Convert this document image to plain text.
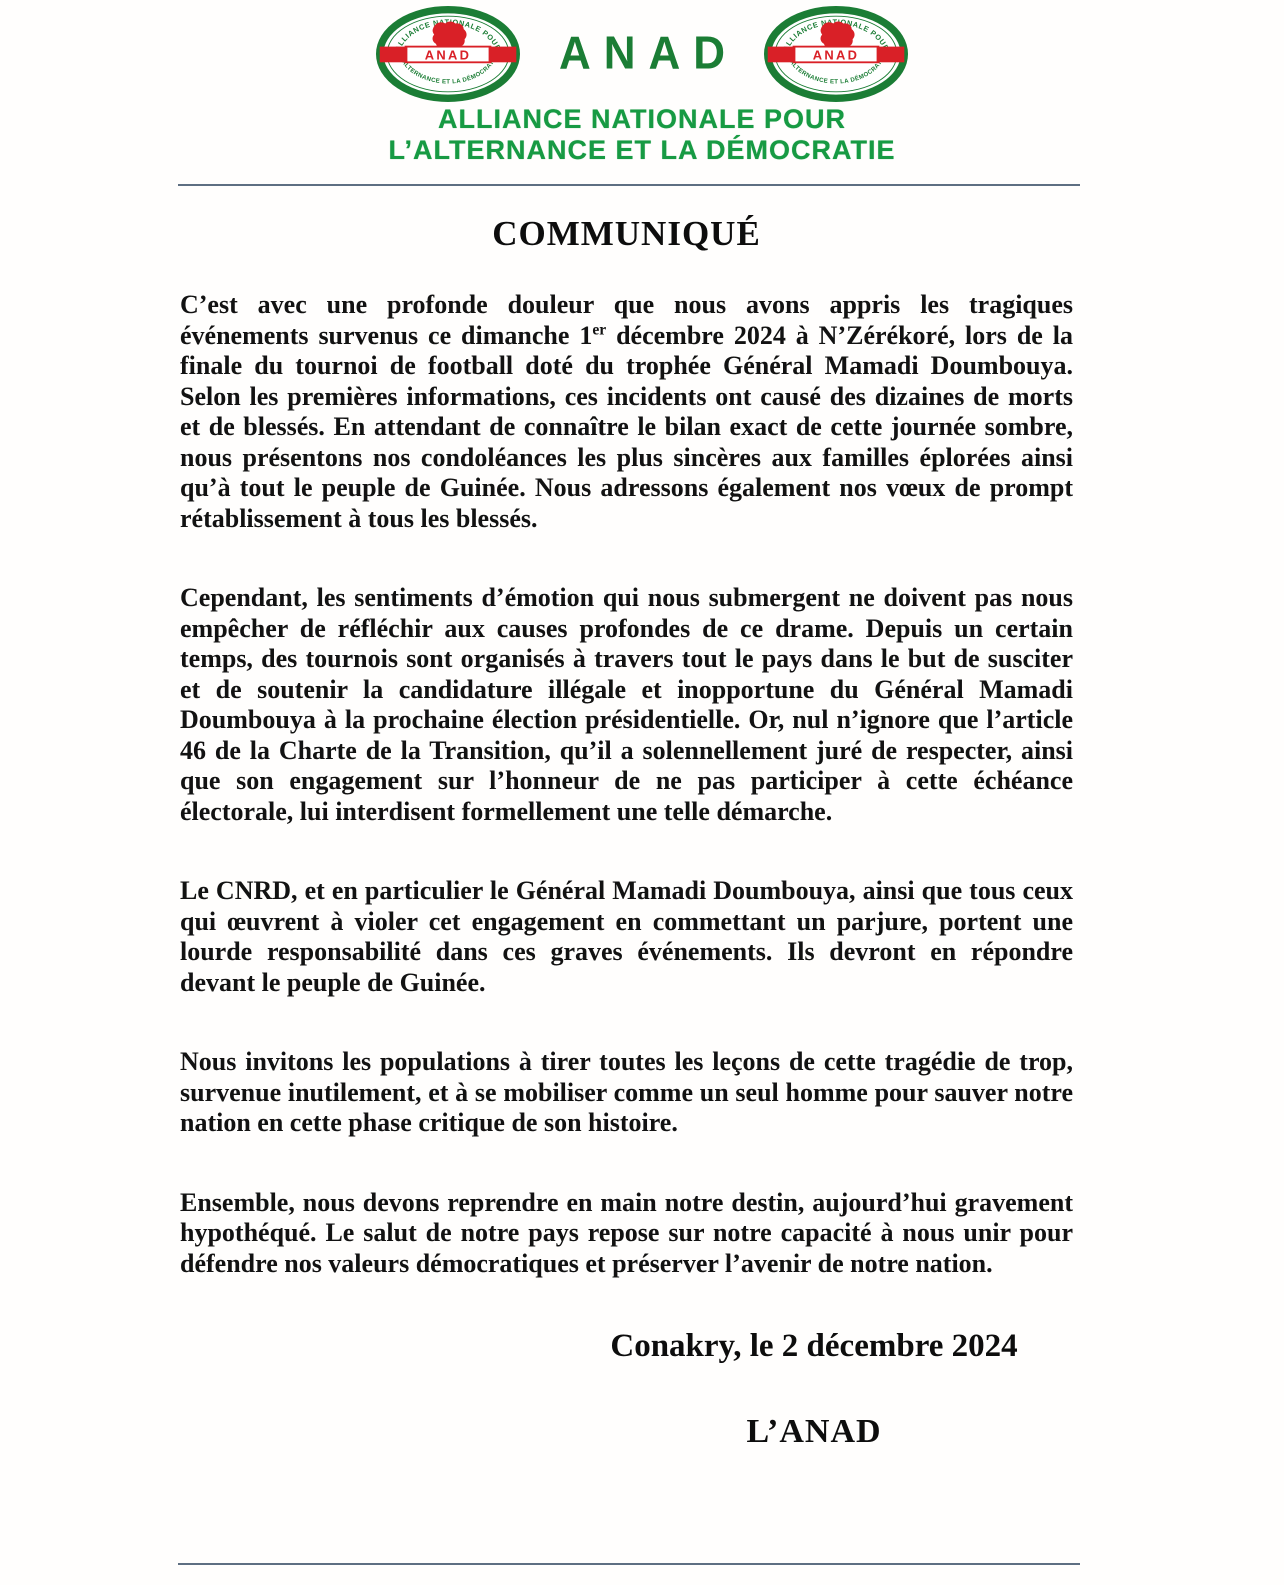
ANAD
ALLIANCE NATIONALE POUR
L’ALTERNANCE ET LA DÉMOCRATIE
COMMUNIQUÉ

C’est avec une profonde douleur que nous avons appris les tragiques événements survenus ce dimanche 1er décembre 2024 à N’Zérékoré, lors de la finale du tournoi de football doté du trophée Général Mamadi Doumbouya. Selon les premières informations, ces incidents ont causé des dizaines de morts et de blessés. En attendant de connaître le bilan exact de cette journée sombre, nous présentons nos condoléances les plus sincères aux familles éplorées ainsi qu’à tout le peuple de Guinée. Nous adressons également nos vœux de prompt rétablissement à tous les blessés.

Cependant, les sentiments d’émotion qui nous submergent ne doivent pas nous empêcher de réfléchir aux causes profondes de ce drame. Depuis un certain temps, des tournois sont organisés à travers tout le pays dans le but de susciter et de soutenir la candidature illégale et inopportune du Général Mamadi Doumbouya à la prochaine élection présidentielle. Or, nul n’ignore que l’article 46 de la Charte de la Transition, qu’il a solennellement juré de respecter, ainsi que son engagement sur l’honneur de ne pas participer à cette échéance électorale, lui interdisent formellement une telle démarche.

Le CNRD, et en particulier le Général Mamadi Doumbouya, ainsi que tous ceux qui œuvrent à violer cet engagement en commettant un parjure, portent une lourde responsabilité dans ces graves événements. Ils devront en répondre devant le peuple de Guinée.

Nous invitons les populations à tirer toutes les leçons de cette tragédie de trop, survenue inutilement, et à se mobiliser comme un seul homme pour sauver notre nation en cette phase critique de son histoire.

Ensemble, nous devons reprendre en main notre destin, aujourd’hui gravement hypothéqué. Le salut de notre pays repose sur notre capacité à nous unir pour défendre nos valeurs démocratiques et préserver l’avenir de notre nation.

Conakry, le 2 décembre 2024
L’ANAD
